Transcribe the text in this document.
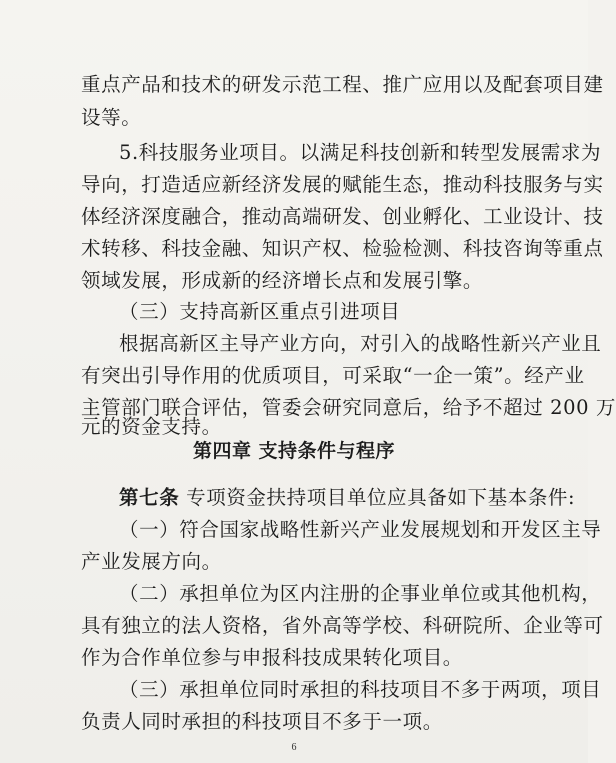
重点产品和技术的研发示范工程、推广应用以及配套项目建
设等。
5.科技服务业项目。以满足科技创新和转型发展需求为
导向，打造适应新经济发展的赋能生态，推动科技服务与实
体经济深度融合，推动高端研发、创业孵化、工业设计、技
术转移、科技金融、知识产权、检验检测、科技咨询等重点
领域发展，形成新的经济增长点和发展引擎。
（三）支持高新区重点引进项目
根据高新区主导产业方向，对引入的战略性新兴产业且
有突出引导作用的优质项目，可采取“一企一策”。经产业
主管部门联合评估，管委会研究同意后，给予不超过 200 万
元的资金支持。
第四章 支持条件与程序
第七条 专项资金扶持项目单位应具备如下基本条件:
（一）符合国家战略性新兴产业发展规划和开发区主导
产业发展方向。
（二）承担单位为区内注册的企事业单位或其他机构，
具有独立的法人资格，省外高等学校、科研院所、企业等可
作为合作单位参与申报科技成果转化项目。
（三）承担单位同时承担的科技项目不多于两项，项目
负责人同时承担的科技项目不多于一项。
6
